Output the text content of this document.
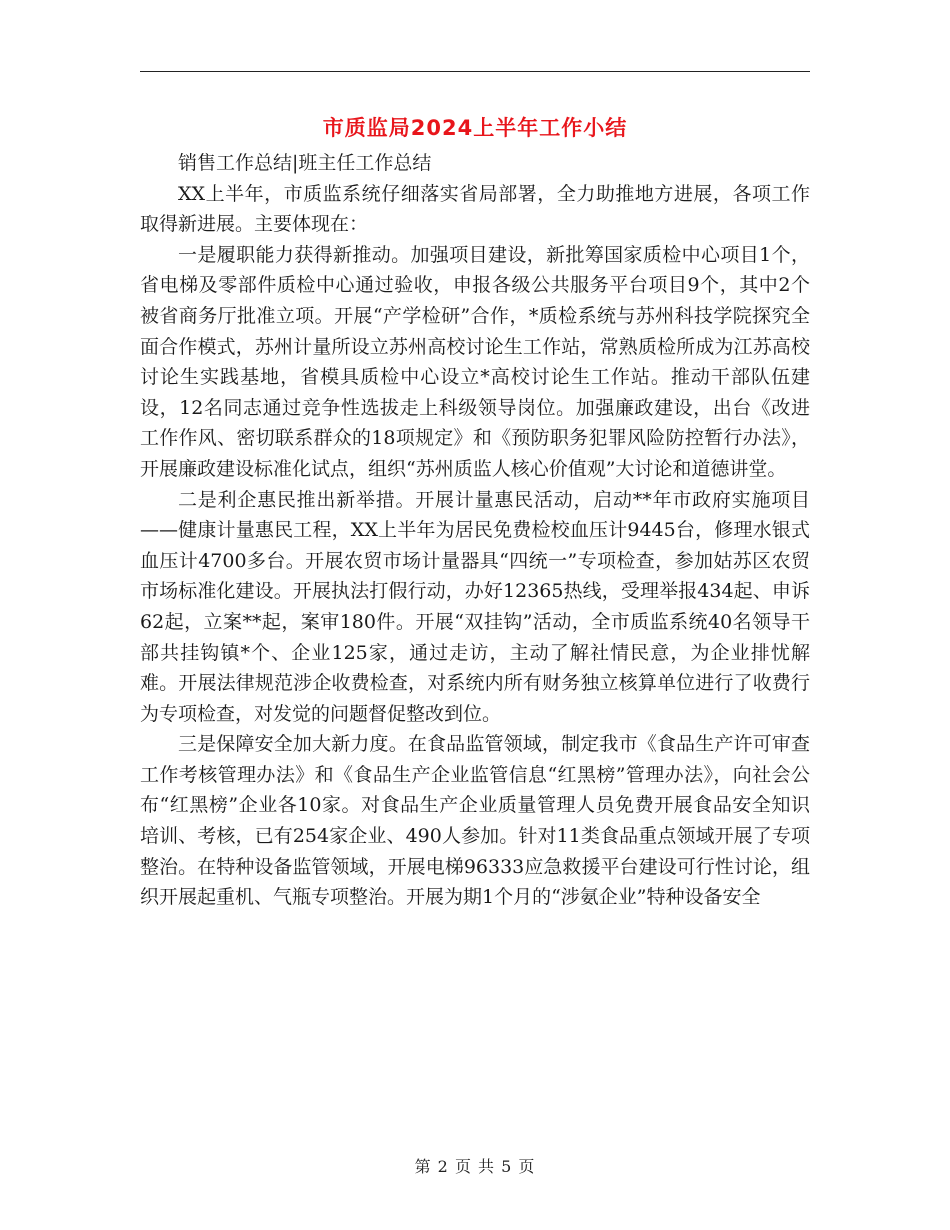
市质监局2024上半年工作小结

销售工作总结|班主任工作总结

XX上半年，市质监系统仔细落实省局部署，全力助推地方进展，各项工作取得新进展。主要体现在：

一是履职能力获得新推动。加强项目建设，新批筹国家质检中心项目1个，省电梯及零部件质检中心通过验收，申报各级公共服务平台项目9个，其中2个被省商务厅批准立项。开展“产学检研”合作，*质检系统与苏州科技学院探究全面合作模式，苏州计量所设立苏州高校讨论生工作站，常熟质检所成为江苏高校讨论生实践基地，省模具质检中心设立*高校讨论生工作站。推动干部队伍建设，12名同志通过竞争性选拔走上科级领导岗位。加强廉政建设，出台《改进工作作风、密切联系群众的18项规定》和《预防职务犯罪风险防控暂行办法》，开展廉政建设标准化试点，组织“苏州质监人核心价值观”大讨论和道德讲堂。

二是利企惠民推出新举措。开展计量惠民活动，启动**年市政府实施项目——健康计量惠民工程，XX上半年为居民免费检校血压计9445台，修理水银式血压计4700多台。开展农贸市场计量器具“四统一”专项检查，参加姑苏区农贸市场标准化建设。开展执法打假行动，办好12365热线，受理举报434起、申诉62起，立案**起，案审180件。开展“双挂钩”活动，全市质监系统40名领导干部共挂钩镇*个、企业125家，通过走访，主动了解社情民意，为企业排忧解难。开展法律规范涉企收费检查，对系统内所有财务独立核算单位进行了收费行为专项检查，对发觉的问题督促整改到位。

三是保障安全加大新力度。在食品监管领域，制定我市《食品生产许可审查工作考核管理办法》和《食品生产企业监管信息“红黑榜”管理办法》，向社会公布“红黑榜”企业各10家。对食品生产企业质量管理人员免费开展食品安全知识培训、考核，已有254家企业、490人参加。针对11类食品重点领域开展了专项整治。在特种设备监管领域，开展电梯96333应急救援平台建设可行性讨论，组织开展起重机、气瓶专项整治。开展为期1个月的“涉氨企业”特种设备安全

第 2 页 共 5 页
